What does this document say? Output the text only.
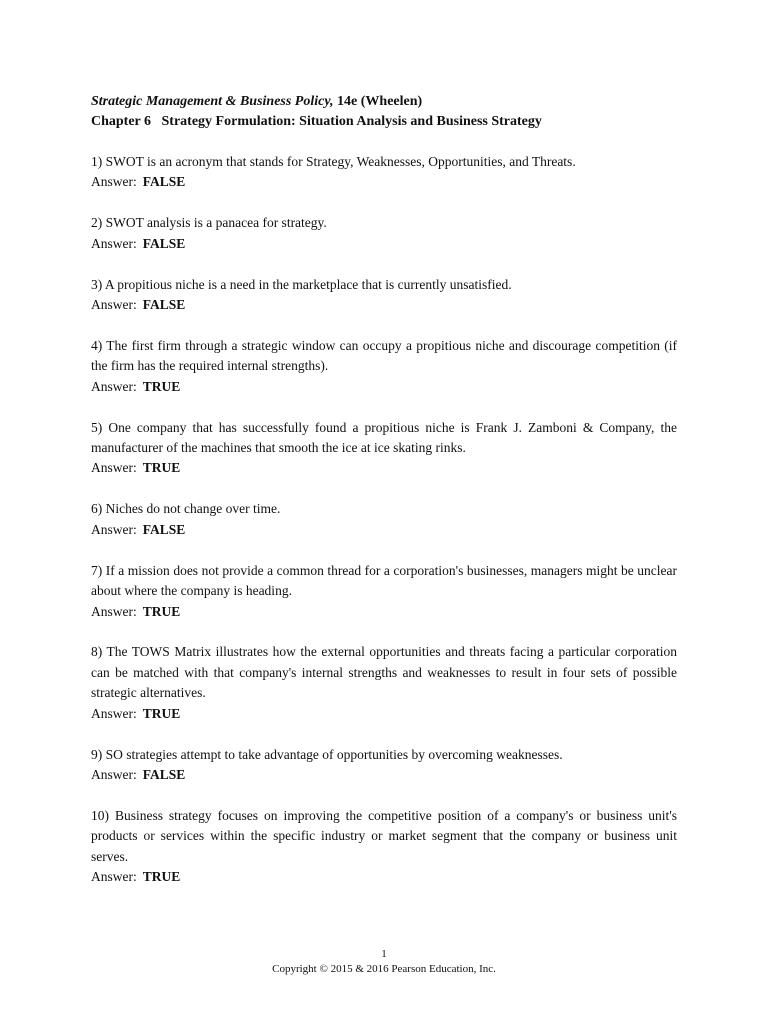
Strategic Management & Business Policy, 14e (Wheelen)
Chapter 6   Strategy Formulation: Situation Analysis and Business Strategy
1) SWOT is an acronym that stands for Strategy, Weaknesses, Opportunities, and Threats.
Answer: FALSE
2) SWOT analysis is a panacea for strategy.
Answer: FALSE
3) A propitious niche is a need in the marketplace that is currently unsatisfied.
Answer: FALSE
4) The first firm through a strategic window can occupy a propitious niche and discourage competition (if the firm has the required internal strengths).
Answer: TRUE
5) One company that has successfully found a propitious niche is Frank J. Zamboni & Company, the manufacturer of the machines that smooth the ice at ice skating rinks.
Answer: TRUE
6) Niches do not change over time.
Answer: FALSE
7) If a mission does not provide a common thread for a corporation's businesses, managers might be unclear about where the company is heading.
Answer: TRUE
8) The TOWS Matrix illustrates how the external opportunities and threats facing a particular corporation can be matched with that company's internal strengths and weaknesses to result in four sets of possible strategic alternatives.
Answer: TRUE
9) SO strategies attempt to take advantage of opportunities by overcoming weaknesses.
Answer: FALSE
10) Business strategy focuses on improving the competitive position of a company's or business unit's products or services within the specific industry or market segment that the company or business unit serves.
Answer: TRUE
1
Copyright © 2015 & 2016 Pearson Education, Inc.
